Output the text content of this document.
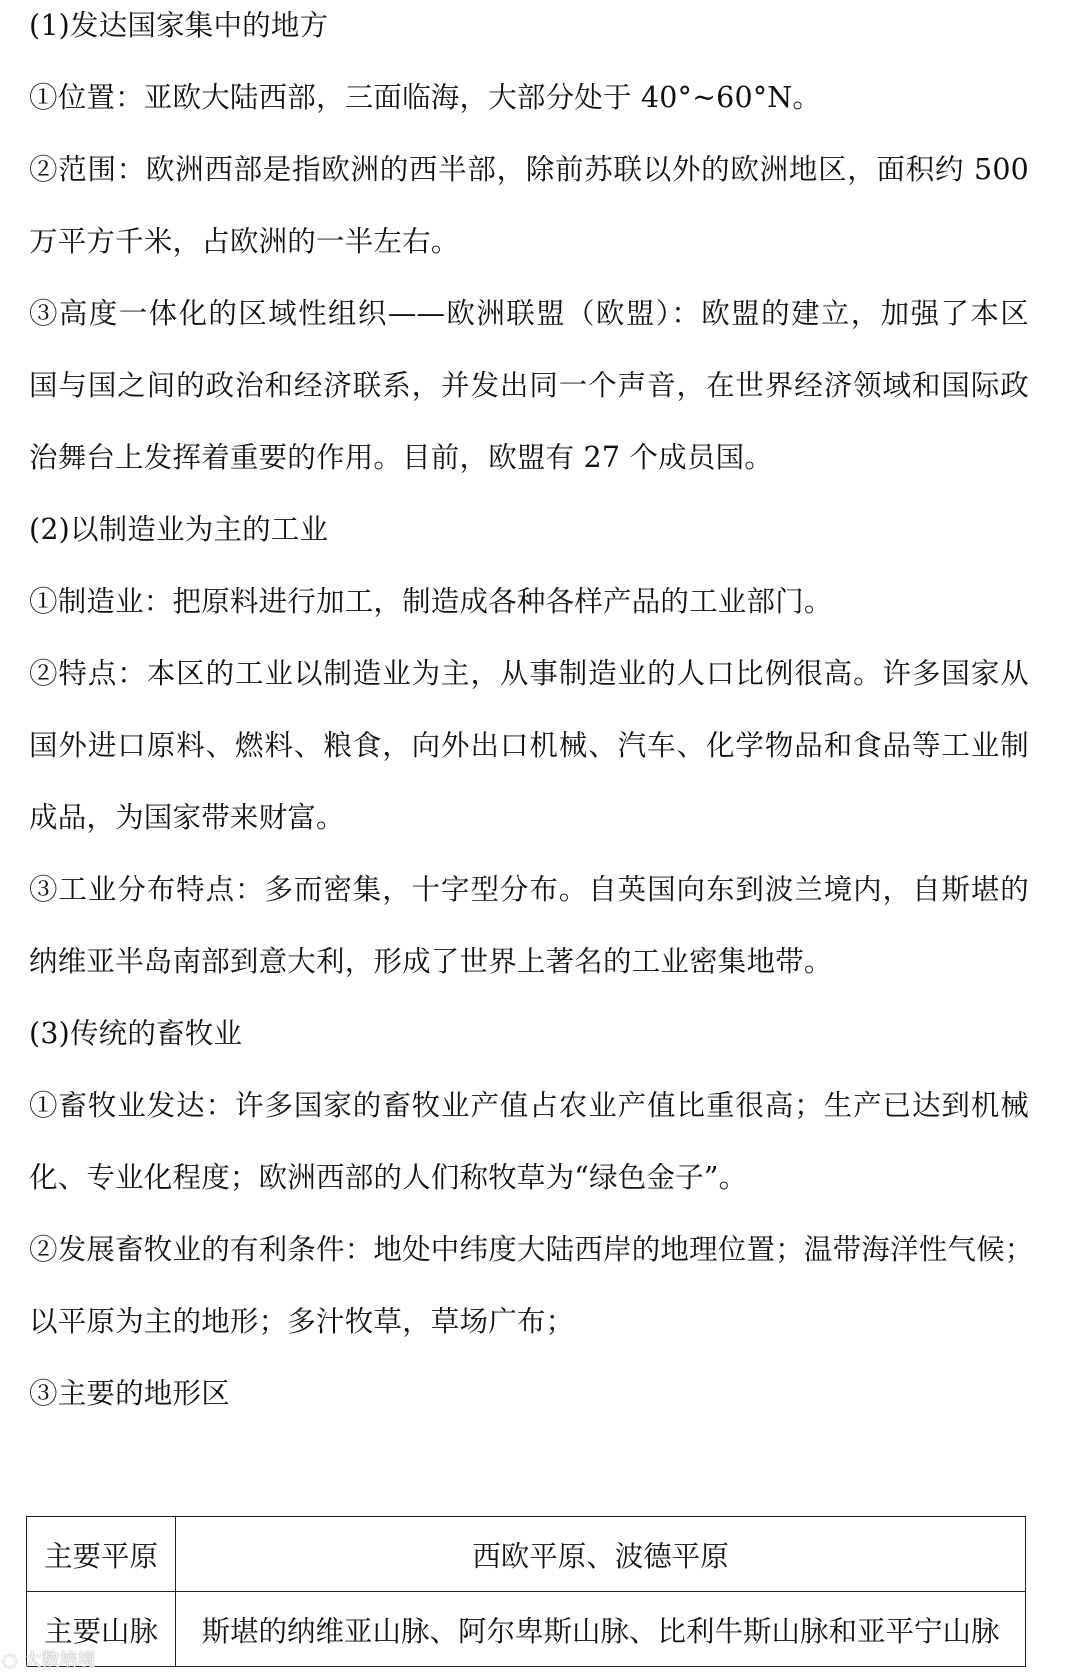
(1)发达国家集中的地方
①位置：亚欧大陆西部，三面临海，大部分处于 40°~60°N。
②范围：欧洲西部是指欧洲的西半部，除前苏联以外的欧洲地区，面积约 500
万平方千米，占欧洲的一半左右。
③高度一体化的区域性组织——欧洲联盟（欧盟）：欧盟的建立，加强了本区
国与国之间的政治和经济联系，并发出同一个声音，在世界经济领域和国际政
治舞台上发挥着重要的作用。目前，欧盟有 27 个成员国。
(2)以制造业为主的工业
①制造业：把原料进行加工，制造成各种各样产品的工业部门。
②特点：本区的工业以制造业为主，从事制造业的人口比例很高。许多国家从
国外进口原料、燃料、粮食，向外出口机械、汽车、化学物品和食品等工业制
成品，为国家带来财富。
③工业分布特点：多而密集，十字型分布。自英国向东到波兰境内，自斯堪的
纳维亚半岛南部到意大利，形成了世界上著名的工业密集地带。
(3)传统的畜牧业
①畜牧业发达：许多国家的畜牧业产值占农业产值比重很高；生产已达到机械
化、专业化程度；欧洲西部的人们称牧草为“绿色金子”。
②发展畜牧业的有利条件：地处中纬度大陆西岸的地理位置；温带海洋性气候；
以平原为主的地形；多汁牧草，草场广布；
③主要的地形区
主要平原	西欧平原、波德平原
主要山脉	斯堪的纳维亚山脉、阿尔卑斯山脉、比利牛斯山脉和亚平宁山脉
◌ 大数培境
